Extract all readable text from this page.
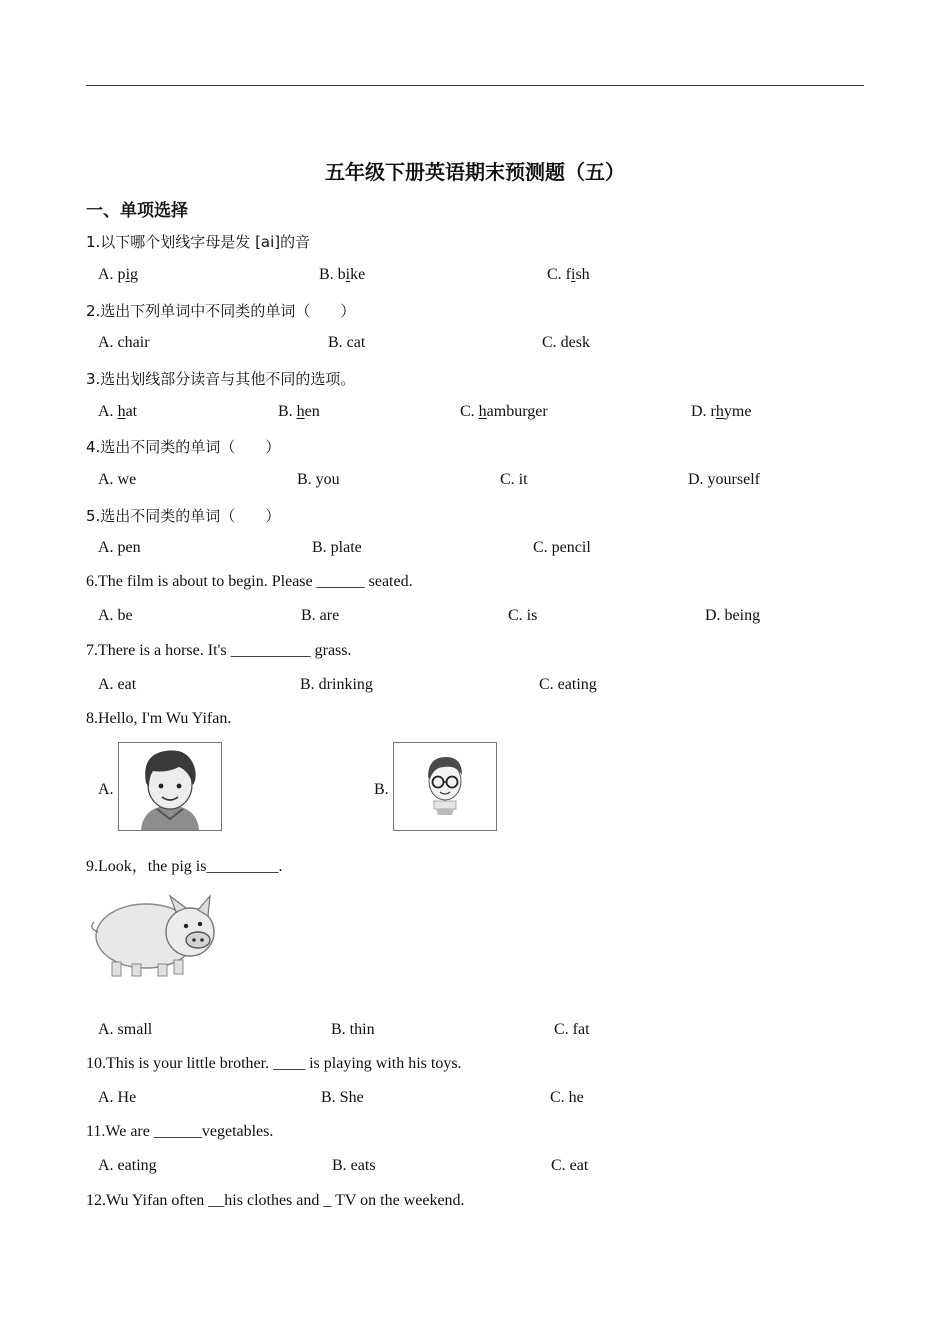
五年级下册英语期末预测题（五）
一、单项选择
1.以下哪个划线字母是发 [ai]的音
A. pig	B. bike	C. fish
2.选出下列单词中不同类的单词（　　）
A. chair	B. cat	C. desk
3.选出划线部分读音与其他不同的选项。
A. hat	B. hen	C. hamburger	D. rhyme
4.选出不同类的单词（　　）
A. we	B. you	C. it	D. yourself
5.选出不同类的单词（　　）
A. pen	B. plate	C. pencil
6.The film is about to begin. Please ______ seated.
A. be	B. are	C. is	D. being
7.There is a horse. It's __________ grass.
A. eat	B. drinking	C. eating
8.Hello, I'm Wu Yifan.
A.	B.
9.Look，the pig is_________.
A. small	B. thin	C. fat
10.This is your little brother. ____ is playing with his toys.
A. He	B. She	C. he
11.We are ______vegetables.
A. eating	B. eats	C. eat
12.Wu Yifan often __his clothes and _ TV on the weekend.
